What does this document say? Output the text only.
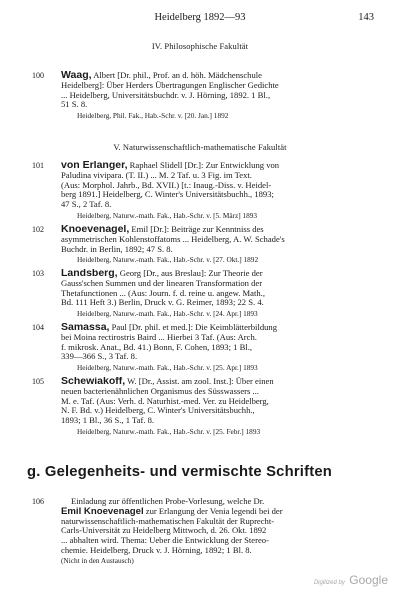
Heidelberg 1892—93	143
IV. Philosophische Fakultät
100 Waag, Albert [Dr. phil., Prof. an d. höh. Mädchenschule
Heidelberg]: Über Herders Übertragungen Englischer Gedichte
... Heidelberg, Universitätsbuchdr. v. J. Hörning, 1892. 1 Bl.,
51 S. 8.
Heidelberg, Phil. Fak., Hab.-Schr. v. [20. Jan.] 1892
V. Naturwissenschaftlich-mathematische Fakultät
101 von Erlanger, Raphael Slidell [Dr.]: Zur Entwicklung von
Paludina vivipara. (T. II.) ... M. 2 Taf. u. 3 Fig. im Text.
(Aus: Morphol. Jahrb., Bd. XVII.) [t.: Inaug.-Diss. v. Heidel-
berg 1891.] Heidelberg, C. Winter's Universitätsbuchh., 1893;
47 S., 2 Taf. 8.
Heidelberg, Naturw.-math. Fak., Hab.-Schr. v. [5. März] 1893
102 Knoevenagel, Emil [Dr.]: Beiträge zur Kenntniss des
asymmetrischen Kohlenstoffatoms ... Heidelberg, A. W. Schade's
Buchdr. in Berlin, 1892; 47 S. 8.
Heidelberg, Naturw.-math. Fak., Hab.-Schr. v. [27. Okt.] 1892
103 Landsberg, Georg [Dr., aus Breslau]: Zur Theorie der
Gauss'schen Summen und der linearen Transformation der
Thetafunctionen ... (Aus: Journ. f. d. reine u. angew. Math.,
Bd. 111 Heft 3.) Berlin, Druck v. G. Reimer, 1893; 22 S. 4.
Heidelberg, Naturw.-math. Fak., Hab.-Schr. v. [24. Apr.] 1893
104 Samassa, Paul [Dr. phil. et med.]: Die Keimblätterbildung
bei Moina rectirostris Baird ... Hierbei 3 Taf. (Aus: Arch.
f. mikrosk. Anat., Bd. 41.) Bonn, F. Cohen, 1893; 1 Bl.,
339—366 S., 3 Taf. 8.
Heidelberg, Naturw.-math. Fak., Hab.-Schr. v. [25. Apr.] 1893
105 Schewiakoff, W. [Dr., Assist. am zool. Inst.]: Über einen
neuen bacterienähnlichen Organismus des Süsswassers ...
M. e. Taf. (Aus: Verh. d. Naturhist.-med. Ver. zu Heidelberg,
N. F. Bd. v.) Heidelberg, C. Winter's Universitätsbuchh.,
1893; 1 Bl., 36 S., 1 Taf. 8.
Heidelberg, Naturw.-math. Fak., Hab.-Schr. v. [25. Febr.] 1893
g. Gelegenheits- und vermischte Schriften
106	Einladung zur öffentlichen Probe-Vorlesung, welche Dr.
Emil Knoevenagel zur Erlangung der Venia legendi bei der
naturwissenschaftlich-mathematischen Fakultät der Ruprecht-
Carls-Universität zu Heidelberg Mittwoch, d. 26. Okt. 1892
... abhalten wird. Thema: Ueber die Entwicklung der Stereo-
chemie. Heidelberg, Druck v. J. Hörning, 1892; 1 Bl. 8.
(Nicht in den Austausch)
Digitized by Google
